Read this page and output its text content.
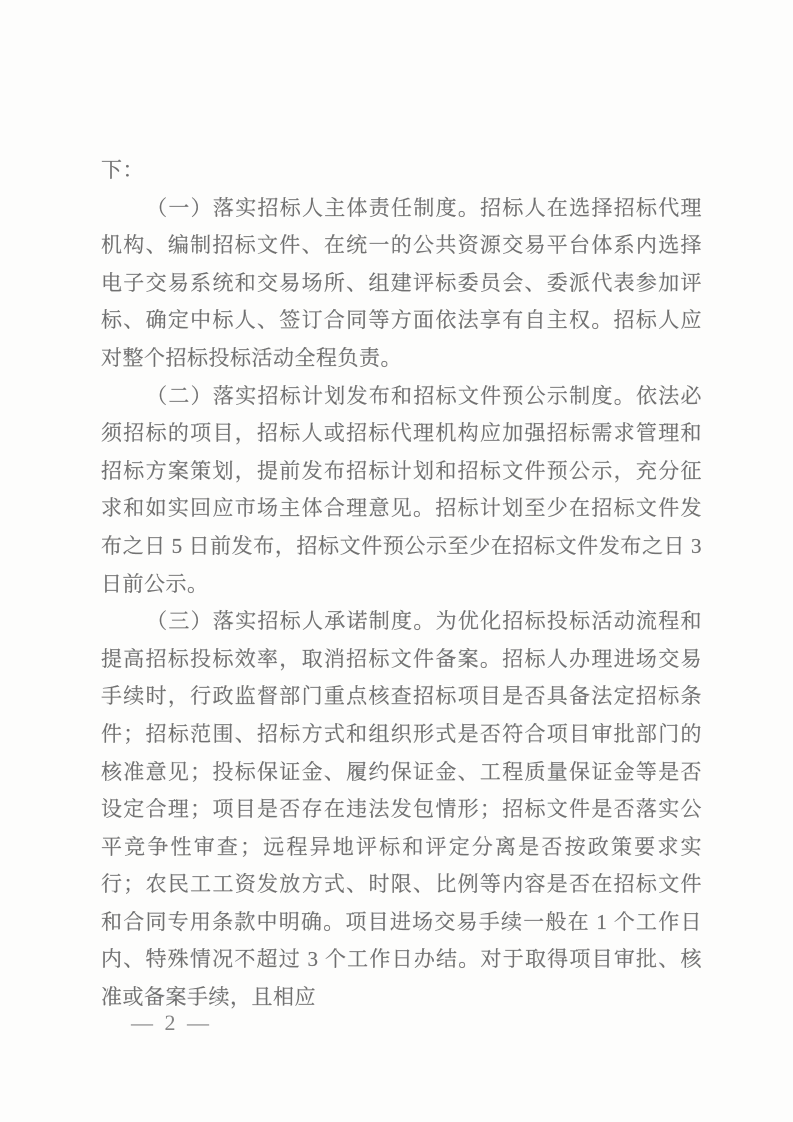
下：

（一）落实招标人主体责任制度。招标人在选择招标代理机构、编制招标文件、在统一的公共资源交易平台体系内选择电子交易系统和交易场所、组建评标委员会、委派代表参加评标、确定中标人、签订合同等方面依法享有自主权。招标人应对整个招标投标活动全程负责。

（二）落实招标计划发布和招标文件预公示制度。依法必须招标的项目，招标人或招标代理机构应加强招标需求管理和招标方案策划，提前发布招标计划和招标文件预公示，充分征求和如实回应市场主体合理意见。招标计划至少在招标文件发布之日 5 日前发布，招标文件预公示至少在招标文件发布之日 3 日前公示。

（三）落实招标人承诺制度。为优化招标投标活动流程和提高招标投标效率，取消招标文件备案。招标人办理进场交易手续时，行政监督部门重点核查招标项目是否具备法定招标条件；招标范围、招标方式和组织形式是否符合项目审批部门的核准意见；投标保证金、履约保证金、工程质量保证金等是否设定合理；项目是否存在违法发包情形；招标文件是否落实公平竞争性审查；远程异地评标和评定分离是否按政策要求实行；农民工工资发放方式、时限、比例等内容是否在招标文件和合同专用条款中明确。项目进场交易手续一般在 1 个工作日内、特殊情况不超过 3 个工作日办结。对于取得项目审批、核准或备案手续，且相应

— 2 —
